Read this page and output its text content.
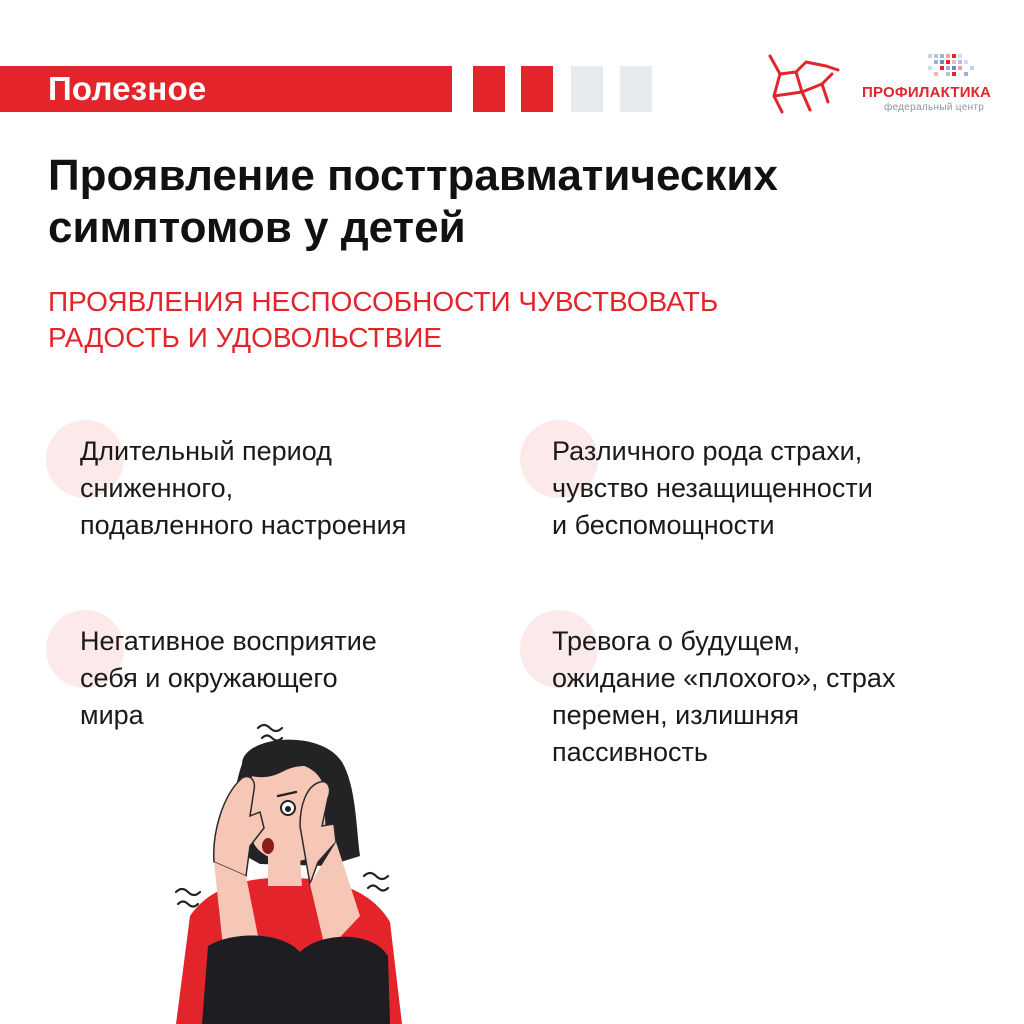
Полезное	ПРОФИЛАКТИКА
федеральный центр
Проявление посттравматических
симптомов у детей
ПРОЯВЛЕНИЯ НЕСПОСОБНОСТИ ЧУВСТВОВАТЬ
РАДОСТЬ И УДОВОЛЬСТВИЕ
Длительный период
сниженного,
подавленного настроения
Различного рода страхи,
чувство незащищенности
и беспомощности
Негативное восприятие
себя и окружающего
мира
Тревога о будущем,
ожидание «плохого», страх
перемен, излишняя
пассивность
